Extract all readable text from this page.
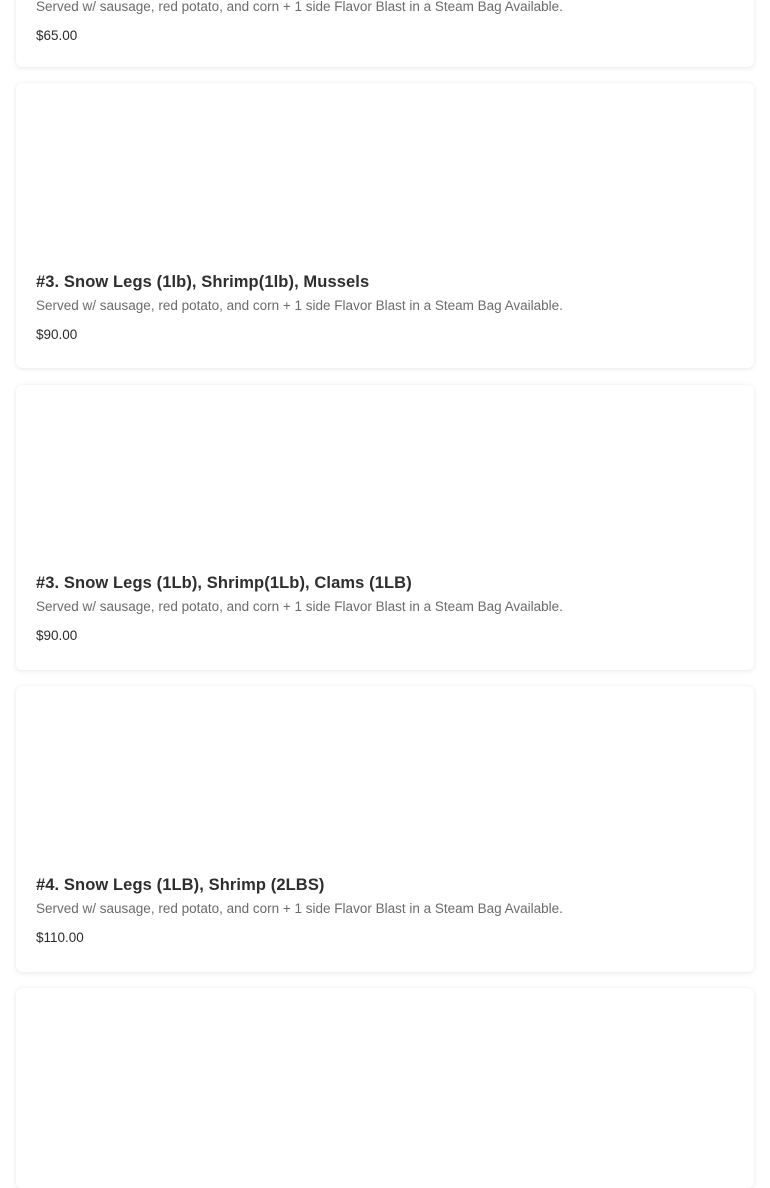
Served w/ sausage, red potato, and corn + 1 side Flavor Blast in a Steam Bag Available.
$65.00
#3. Snow Legs (1lb), Shrimp(1lb), Mussels
Served w/ sausage, red potato, and corn + 1 side Flavor Blast in a Steam Bag Available.
$90.00
#3. Snow Legs (1Lb), Shrimp(1Lb), Clams (1LB)
Served w/ sausage, red potato, and corn + 1 side Flavor Blast in a Steam Bag Available.
$90.00
#4. Snow Legs (1LB), Shrimp (2LBS)
Served w/ sausage, red potato, and corn + 1 side Flavor Blast in a Steam Bag Available.
$110.00
